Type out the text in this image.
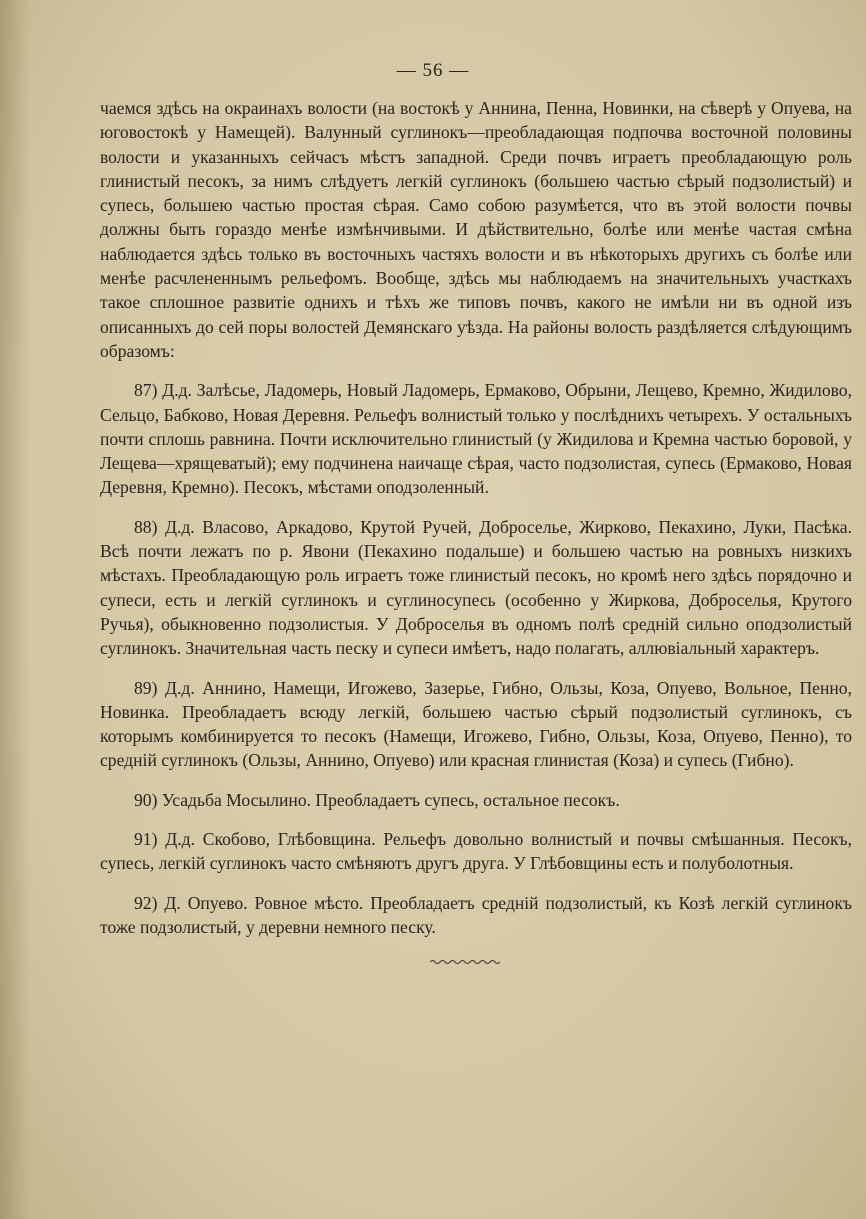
— 56 —

чаемся здѣсь на окраинахъ волости (на востокѣ у Аннина, Пенна, Новинки, на сѣверѣ у Опуева, на юговостокѣ у Намещей). Валунный суглинокъ—преобладающая подпочва восточной половины волости и указанныхъ сейчасъ мѣстъ западной. Среди почвъ играетъ преобладающую роль глинистый песокъ, за нимъ слѣдуетъ легкій суглинокъ (большею частью сѣрый подзолистый) и супесь, большею частью простая сѣрая. Само собою разумѣется, что въ этой волости почвы должны быть гораздо менѣе измѣнчивыми. И дѣйствительно, болѣе или менѣе частая смѣна наблюдается здѣсь только въ восточныхъ частяхъ волости и въ нѣкоторыхъ другихъ съ болѣе или менѣе расчлененнымъ рельефомъ. Вообще, здѣсь мы наблюдаемъ на значительныхъ участкахъ такое сплошное развитіе однихъ и тѣхъ же типовъ почвъ, какого не имѣли ни въ одной изъ описанныхъ до сей поры волостей Демянскаго уѣзда. На районы волость раздѣляется слѣдующимъ образомъ:

87) Д.д. Залѣсье, Ладомерь, Новый Ладомерь, Ермаково, Обрыни, Лещево, Кремно, Жидилово, Сельцо, Бабково, Новая Деревня. Рельефъ волнистый только у послѣднихъ четырехъ. У остальныхъ почти сплошь равнина. Почти исключительно глинистый (у Жидилова и Кремна частью боровой, у Лещева—хрящеватый); ему подчинена наичаще сѣрая, часто подзолистая, супесь (Ермаково, Новая Деревня, Кремно). Песокъ, мѣстами оподзоленный.

88) Д.д. Власово, Аркадово, Крутой Ручей, Доброселье, Жирково, Пекахино, Луки, Пасѣка. Всѣ почти лежатъ по р. Явони (Пекахино подальше) и большею частью на ровныхъ низкихъ мѣстахъ. Преобладающую роль играетъ тоже глинистый песокъ, но кромѣ него здѣсь порядочно и супеси, есть и легкій суглинокъ и суглиносупесь (особенно у Жиркова, Доброселья, Крутого Ручья), обыкновенно подзолистыя. У Доброселья въ одномъ полѣ средній сильно оподзолистый суглинокъ. Значительная часть песку и супеси имѣетъ, надо полагать, аллювіальный характеръ.

89) Д.д. Аннино, Намещи, Игожево, Зазерье, Гибно, Ользы, Коза, Опуево, Вольное, Пенно, Новинка. Преобладаетъ всюду легкій, большею частью сѣрый подзолистый суглинокъ, съ которымъ комбинируется то песокъ (Намещи, Игожево, Гибно, Ользы, Коза, Опуево, Пенно), то средній суглинокъ (Ользы, Аннино, Опуево) или красная глинистая (Коза) и супесь (Гибно).

90) Усадьба Мосылино. Преобладаетъ супесь, остальное песокъ.

91) Д.д. Скобово, Глѣбовщина. Рельефъ довольно волнистый и почвы смѣшанныя. Песокъ, супесь, легкій суглинокъ часто смѣняютъ другъ друга. У Глѣбовщины есть и полуболотныя.

92) Д. Опуево. Ровное мѣсто. Преобладаетъ средній подзолистый, къ Козѣ легкій суглинокъ тоже подзолистый, у деревни немного песку.
